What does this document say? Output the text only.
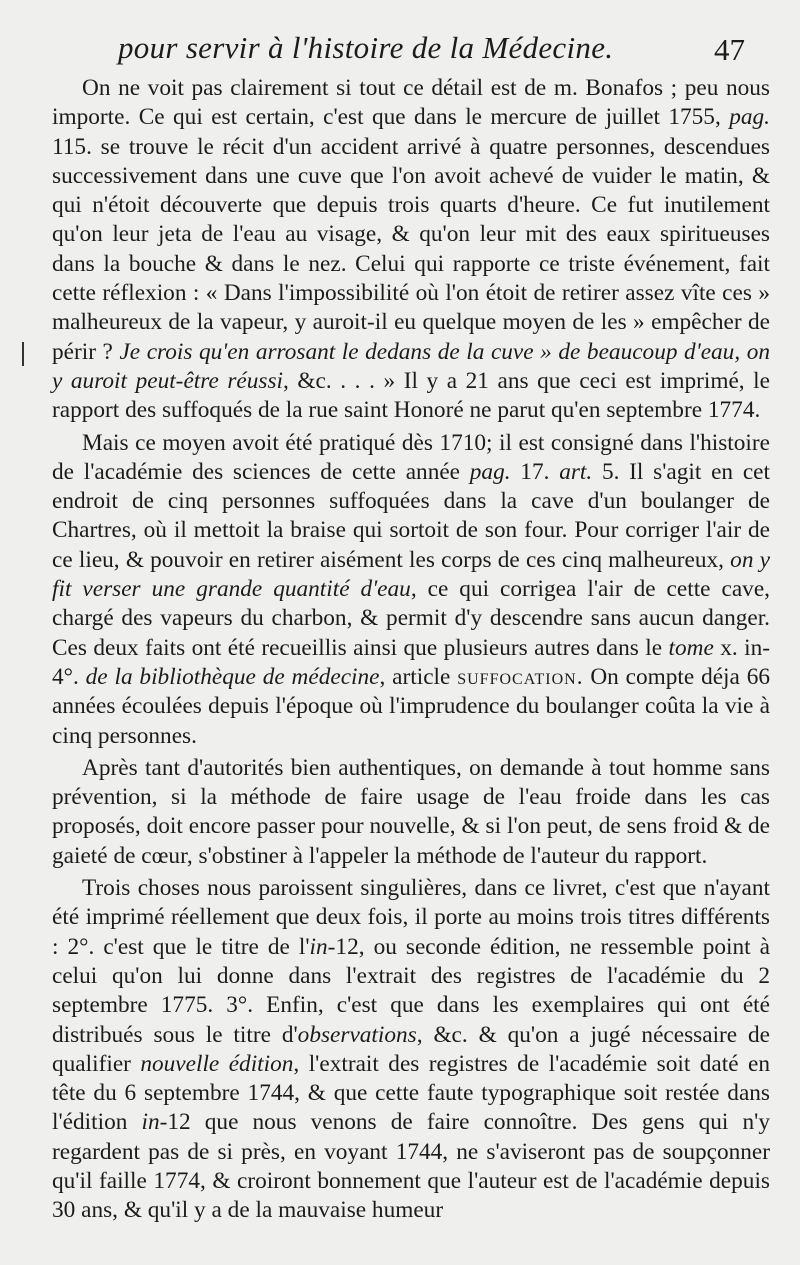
pour servir à l'histoire de la Médecine.	47

On ne voit pas clairement si tout ce détail est de m. Bonafos ; peu nous importe. Ce qui est certain, c'est que dans le mercure de juillet 1755, pag. 115. se trouve le récit d'un accident arrivé à quatre personnes, descendues successivement dans une cuve que l'on avoit achevé de vuider le matin, & qui n'étoit découverte que depuis trois quarts d'heure. Ce fut inutilement qu'on leur jeta de l'eau au visage, & qu'on leur mit des eaux spiritueuses dans la bouche & dans le nez. Celui qui rapporte ce triste événement, fait cette réflexion : « Dans l'impossibilité où l'on étoit de retirer assez vîte ces » malheureux de la vapeur, y auroit-il eu quelque moyen de les » empêcher de périr ? Je crois qu'en arrosant le dedans de la cuve » de beaucoup d'eau, on y auroit peut-être réussi, &c. . . . » Il y a 21 ans que ceci est imprimé, le rapport des suffoqués de la rue saint Honoré ne parut qu'en septembre 1774.

Mais ce moyen avoit été pratiqué dès 1710; il est consigné dans l'histoire de l'académie des sciences de cette année pag. 17. art. 5. Il s'agit en cet endroit de cinq personnes suffoquées dans la cave d'un boulanger de Chartres, où il mettoit la braise qui sortoit de son four. Pour corriger l'air de ce lieu, & pouvoir en retirer aisément les corps de ces cinq malheureux, on y fit verser une grande quantité d'eau, ce qui corrigea l'air de cette cave, chargé des vapeurs du charbon, & permit d'y descendre sans aucun danger. Ces deux faits ont été recueillis ainsi que plusieurs autres dans le tome x. in-4°. de la bibliothèque de médecine, article suffocation. On compte déja 66 années écoulées depuis l'époque où l'imprudence du boulanger coûta la vie à cinq personnes.

Après tant d'autorités bien authentiques, on demande à tout homme sans prévention, si la méthode de faire usage de l'eau froide dans les cas proposés, doit encore passer pour nouvelle, & si l'on peut, de sens froid & de gaieté de cœur, s'obstiner à l'appeler la méthode de l'auteur du rapport.

Trois choses nous paroissent singulières, dans ce livret, c'est que n'ayant été imprimé réellement que deux fois, il porte au moins trois titres différents : 2°. c'est que le titre de l'in-12, ou seconde édition, ne ressemble point à celui qu'on lui donne dans l'extrait des registres de l'académie du 2 septembre 1775. 3°. Enfin, c'est que dans les exemplaires qui ont été distribués sous le titre d'observations, &c. & qu'on a jugé nécessaire de qualifier nouvelle édition, l'extrait des registres de l'académie soit daté en tête du 6 septembre 1744, & que cette faute typographique soit restée dans l'édition in-12 que nous venons de faire connoître. Des gens qui n'y regardent pas de si près, en voyant 1744, ne s'aviseront pas de soupçonner qu'il faille 1774, & croiront bonnement que l'auteur est de l'académie depuis 30 ans, & qu'il y a de la mauvaise humeur
